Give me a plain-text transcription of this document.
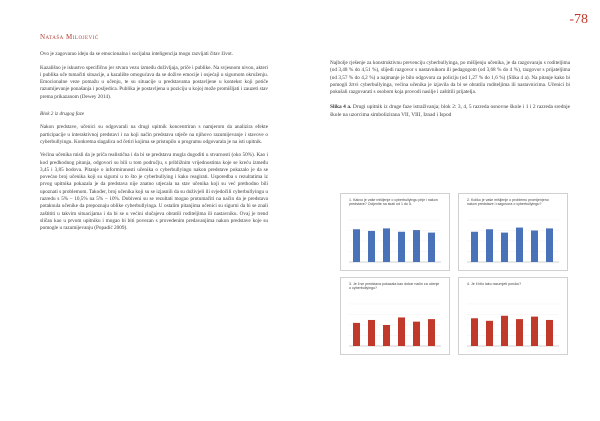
-78
Nataša Milojević

Ovo je zagovarao ideju da se emocionalna i socijalna inteligencija mogu razvijati čitav život.

Kazališno je iskustvo specifično jer stvara vezu između doživljaja, priče i publike. Na svjesnom nivou, akteri i publika uče tumačiti situacije, a kazalište omogućava da se dožive emocije i osjećaji u sigurnom okruženju. Emocionalne veze pomažu u učenju, te su situacije u predstavama postavljene u kontekst koji potiče razumijevanje ponašanja i posljedica. Publika je postavljena u poziciju u kojoj može promišljati i zauzeti stav prema prikazanom (Dewey 2014).

Blok 2 iz drugog faze

Nakon predstave, učenici su odgovarali na drugi upitnik koncentriran s namjerom da analizira efekte participacije u interaktivnoj predstavi i na koji način predstava utječe na njihovo razumijevanje i stavove o cyberbullyingu. Konkretna slagalica od četiri kojima se pristupilo u programu odgovarala je na isti upitnik.

Većina učenika misli da je priča realistična i da bi se predstava mogla dogoditi u stvarnosti (oko 50%). Kao i kod predhodnog pitanja, odgovori su bili u tom području, s približnim vrijednostima koje se kreću između 3,45 i 3,85 bodova. Pitanje o informiranosti učenika o cyberbullyingu nakon predstave pokazalo je da se povećao broj učenika koji su sigurni u to što je cyberbullying i kako reagirati. Usporedba s rezultatima iz prvog upitnika pokazala je da predstava nije znatno utjecala na stav učenika koji su već prethodno bili upoznati s problemom. Također, broj učenika koji su se izjasnili da su doživjeli ili svjedočili cyberbullyingu u razredu s 5% – 10,5% na 5% – 10%. Dobiveni su se rezultati mogao protumačiti na način da je predstava potaknula učenike da prepoznaju oblike cyberbullyinga. U ostalim pitanjima učenici su sigurni da bi se znali zaštititi u takvim situacijama i da bi se u većini slučajeva obratili roditeljima ili nastavniku. Ovaj je trend sličan kao u prvom upitniku i mogao bi biti povezan s provedenim predavanjima nakon predstave koje su pomogle u razumijevanju (Popadić 2009).

Najbolje rješenje za konstruktivnu prevenciju cyberbullyinga, po mišljenju učenika, je da razgovaraju s roditeljima (od 3,48 % do 4,51 %), slijedi razgovor s nastavnikom ili pedagogom (od 3,68 % do 4 %), razgovor s prijateljima (od 3,57 % do 4,2 %) a najmanje je bilo odgovora za policiju (od 1,27 % do 1,6 %) (Slika 4 a). Na pitanje kako bi pomogli žrtvi cyberbullyinga, većina učenika je izjavila da bi se obratila roditeljima ili nastavnicima. Učenici bi pokušali razgovarati s osobom koja provodi nasilje i zaštitili prijatelja.

Slika 4 a. Drugi upitnik iz druge faze istraživanja; blok 2: 3, 4, 5 razreda osnovne škole i 1 i 2 razreda srednje škole na uzorcima simbolizirana VII, VIII, Iznad i Ispod

1. Kakvo je vaše mišljenje o cyberbullyingu prije i nakon predstave? Ocijenite na skali od 1 do 5.
2. Koliko je vaše mišljenje o problemu promijenjeno nakon predstave i razgovora o cyberbullyingu?
3. Je li se predstava pokazala kao dobar način za učenje o cyberbullyingu?
4. Je li bilo lako razumjeti poruku?
